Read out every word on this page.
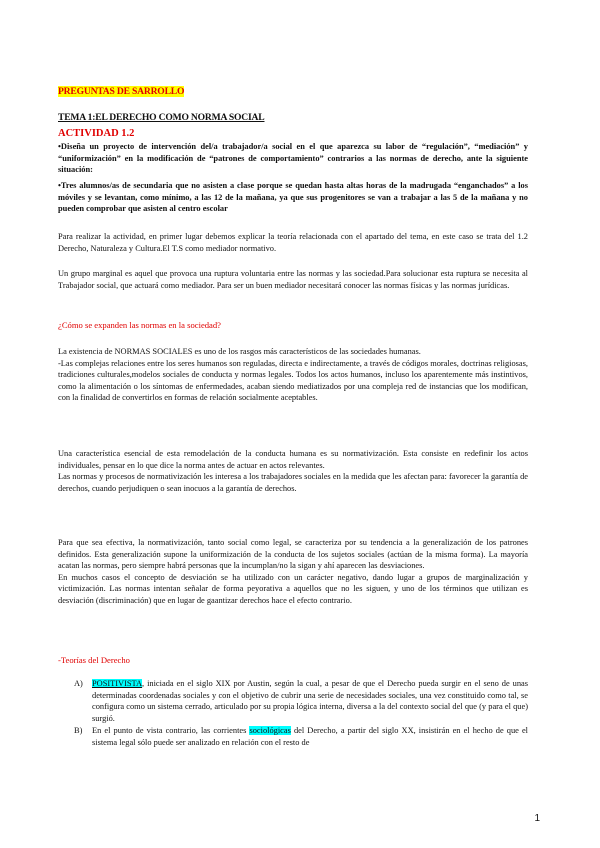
PREGUNTAS DE SARROLLO
TEMA 1:EL DERECHO COMO NORMA SOCIAL
ACTIVIDAD 1.2
•Diseña un proyecto de intervención del/a trabajador/a social en el que aparezca su labor de “regulación”, “mediación” y “uniformización” en la modificación de “patrones de comportamiento” contrarios a las normas de derecho, ante la siguiente situación:
•Tres alumnos/as de secundaria que no asisten a clase porque se quedan hasta altas horas de la madrugada “enganchados” a los móviles y se levantan, como mínimo, a las 12 de la mañana, ya que sus progenitores se van a trabajar a las 5 de la mañana y no pueden comprobar que asisten al centro escolar

Para realizar la actividad, en primer lugar debemos explicar la teoría relacionada con el apartado del tema, en este caso se trata del 1.2 Derecho, Naturaleza y Cultura.El T.S como mediador normativo.

Un grupo marginal es aquel que provoca una ruptura voluntaria entre las normas y las sociedad.Para solucionar esta ruptura se necesita al Trabajador social, que actuará como mediador. Para ser un buen mediador necesitará conocer las normas físicas y las normas jurídicas.

¿Cómo se expanden las normas en la sociedad?

La existencia de NORMAS SOCIALES es uno de los rasgos más característicos de las sociedades humanas.

-Las complejas relaciones entre los seres humanos son reguladas, directa e indirectamente, a través de códigos morales, doctrinas religiosas, tradiciones culturales,modelos sociales de conducta y normas legales. Todos los actos humanos, incluso los aparentemente más instintivos, como la alimentación o los síntomas de enfermedades, acaban siendo mediatizados por una compleja red de instancias que los modifican, con la finalidad de convertirlos en formas de relación socialmente aceptables.

Una característica esencial de esta remodelación de la conducta humana es su normativización. Esta consiste en redefinir los actos individuales, pensar en lo que dice la norma antes de actuar en actos relevantes.

Las normas y procesos de normativización les interesa a los trabajadores sociales en la medida que les afectan para: favorecer la garantía de derechos, cuando perjudiquen o sean inocuos a la garantía de derechos.

Para que sea efectiva, la normativización, tanto social como legal, se caracteriza por su tendencia a la generalización de los patrones definidos. Esta generalización supone la uniformización de la conducta de los sujetos sociales (actúan de la misma forma). La mayoría acatan las normas, pero siempre habrá personas que la incumplan/no la sigan y ahí aparecen las desviaciones.

En muchos casos el concepto de desviación se ha utilizado con un carácter negativo, dando lugar a grupos de marginalización y victimización. Las normas intentan señalar de forma peyorativa a aquellos que no les siguen, y uno de los términos que utilizan es desviación (discriminación) que en lugar de gaantizar derechos hace el efecto contrario.

-Teorías del Derecho
A) POSITIVISTA, iniciada en el siglo XIX por Austin, según la cual, a pesar de que el Derecho pueda surgir en el seno de unas determinadas coordenadas sociales y con el objetivo de cubrir una serie de necesidades sociales, una vez constituido como tal, se configura como un sistema cerrado, articulado por su propia lógica interna, diversa a la del contexto social del que (y para el que) surgió.
B) En el punto de vista contrario, las corrientes sociológicas del Derecho, a partir del siglo XX, insistirán en el hecho de que el sistema legal sólo puede ser analizado en relación con el resto de
1
